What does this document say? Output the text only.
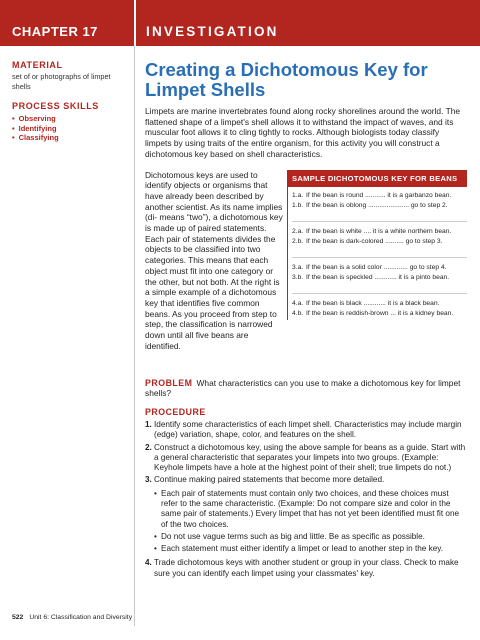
CHAPTER 17	INVESTIGATION
MATERIAL
set of or photographs of limpet shells
PROCESS SKILLS
• Observing
• Identifying
• Classifying
Creating a Dichotomous Key for
Limpet Shells

Limpets are marine invertebrates found along rocky shorelines around the world. The flattened shape of a limpet's shell allows it to withstand the impact of waves, and its muscular foot allows it to cling tightly to rocks. Although biologists today classify limpets by using traits of the entire organism, for this activity you will construct a dichotomous key based on shell characteristics.

Dichotomous keys are used to identify objects or organisms that have already been described by another scientist. As its name implies (di- means “two”), a dichotomous key is made up of paired statements. Each pair of statements divides the objects to be classified into two categories. This means that each object must fit into one category or the other, but not both. At the right is a simple example of a dichotomous key that identifies five common beans. As you proceed from step to step, the classification is narrowed down until all five beans are identified.
SAMPLE DICHOTOMOUS KEY FOR BEANS
1.a. If the bean is round ........... it is a garbanzo bean.
1.b. If the bean is oblong ...................... go to step 2.
2.a. If the bean is white .... it is a white northern bean.
2.b. If the bean is dark-colored .......... go to step 3.
3.a. If the bean is a solid color ............. go to step 4.
3.b. If the bean is speckled ............ it is a pinto bean.
4.a. If the bean is black ............ it is a black bean.
4.b. If the bean is reddish-brown ... it is a kidney bean.
PROBLEM What characteristics can you use to make a dichotomous key for limpet shells?
PROCEDURE
1. Identify some characteristics of each limpet shell. Characteristics may include margin (edge) variation, shape, color, and features on the shell.
2. Construct a dichotomous key, using the above sample for beans as a guide. Start with a general characteristic that separates your limpets into two groups. (Example: Keyhole limpets have a hole at the highest point of their shell; true limpets do not.)
3. Continue making paired statements that become more detailed.
• Each pair of statements must contain only two choices, and these choices must refer to the same characteristic. (Example: Do not compare size and color in the same pair of statements.) Every limpet that has not yet been identified must fit one of the two choices.
• Do not use vague terms such as big and little. Be as specific as possible.
• Each statement must either identify a limpet or lead to another step in the key.
4. Trade dichotomous keys with another student or group in your class. Check to make sure you can identify each limpet using your classmates' key.
522 Unit 6: Classification and Diversity
